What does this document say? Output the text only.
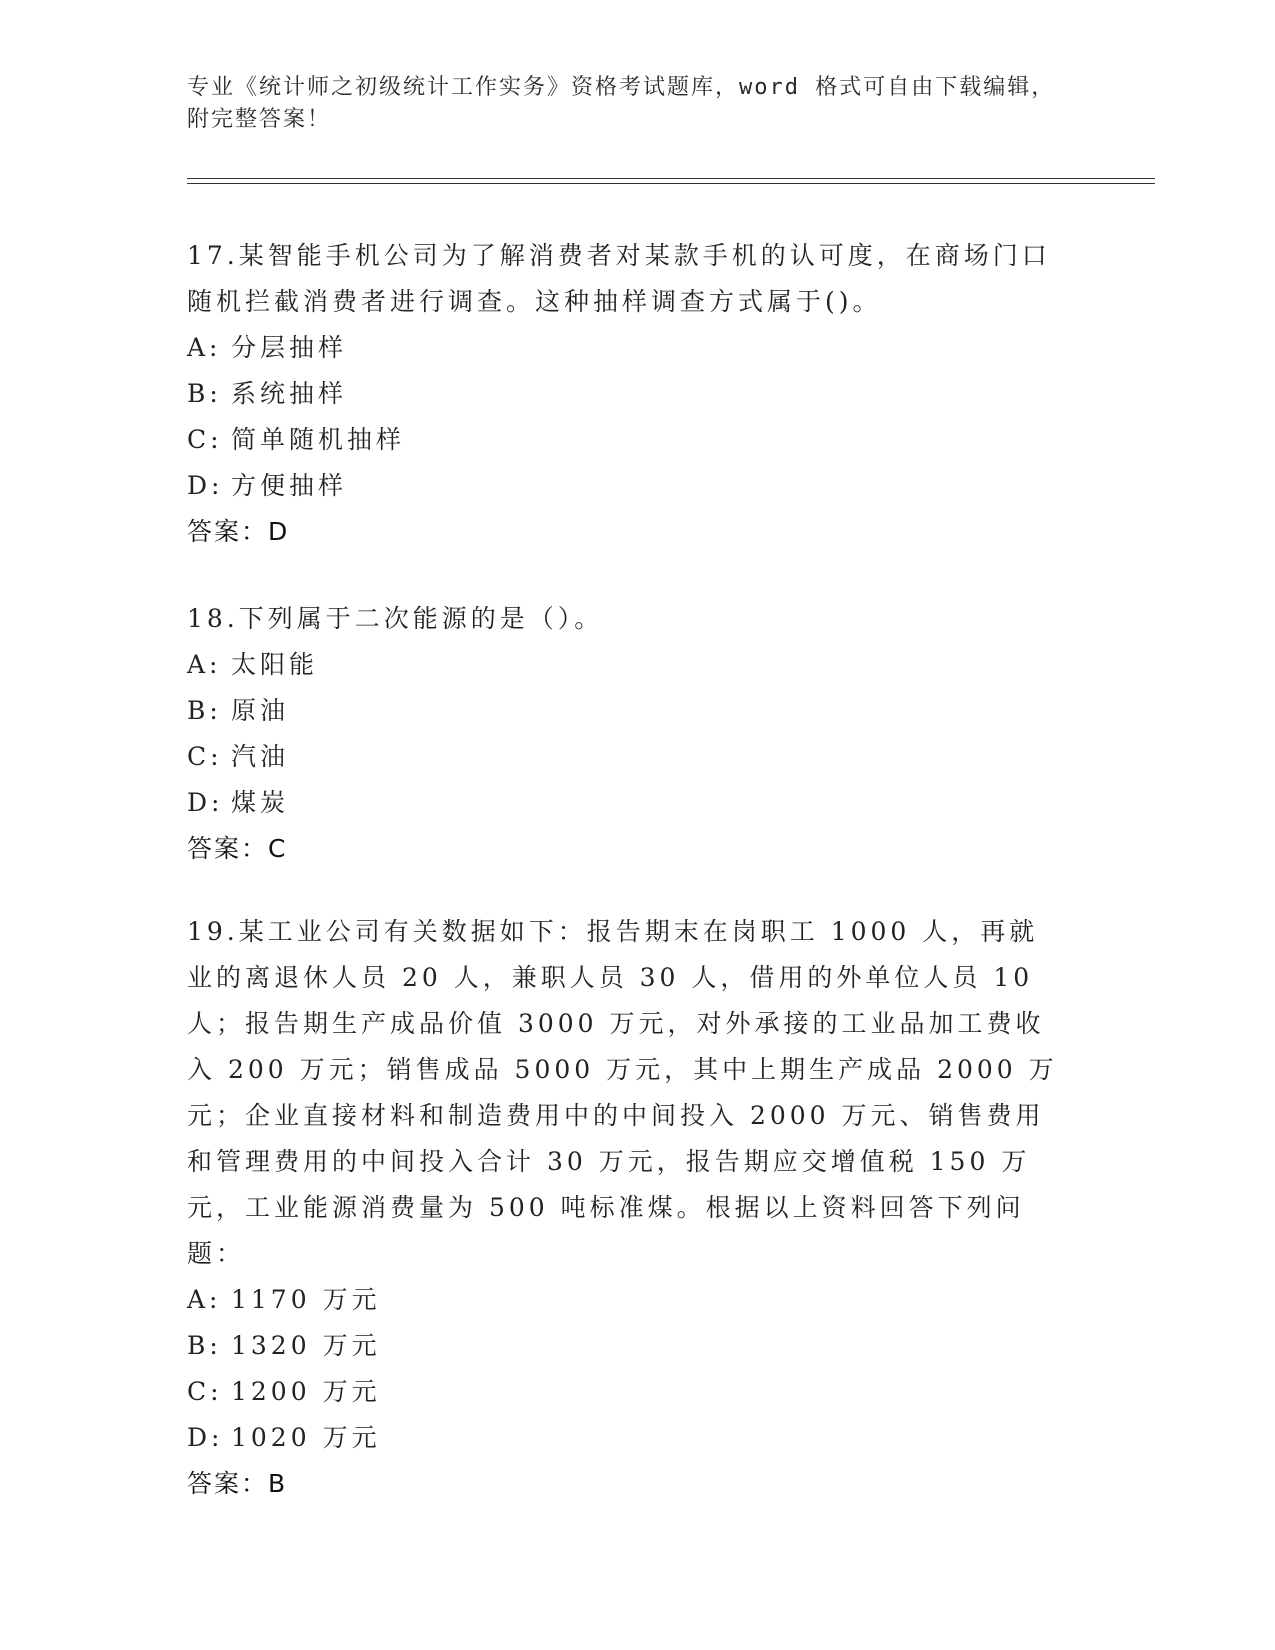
专业《统计师之初级统计工作实务》资格考试题库，word 格式可自由下载编辑，
附完整答案！

17.某智能手机公司为了解消费者对某款手机的认可度，在商场门口随机拦截消费者进行调查。这种抽样调查方式属于()。

A: 分层抽样

B: 系统抽样

C: 简单随机抽样

D: 方便抽样

答案：D

18.下列属于二次能源的是（）。

A: 太阳能

B: 原油

C: 汽油

D: 煤炭

答案：C

19.某工业公司有关数据如下：报告期末在岗职工 1000 人，再就业的离退休人员 20 人，兼职人员 30 人，借用的外单位人员 10 人；报告期生产成品价值 3000 万元，对外承接的工业品加工费收入 200 万元；销售成品 5000 万元，其中上期生产成品 2000 万元；企业直接材料和制造费用中的中间投入 2000 万元、销售费用和管理费用的中间投入合计 30 万元，报告期应交增值税 150 万元，工业能源消费量为 500 吨标准煤。根据以上资料回答下列问题：

A: 1170 万元

B: 1320 万元

C: 1200 万元

D: 1020 万元

答案：B
